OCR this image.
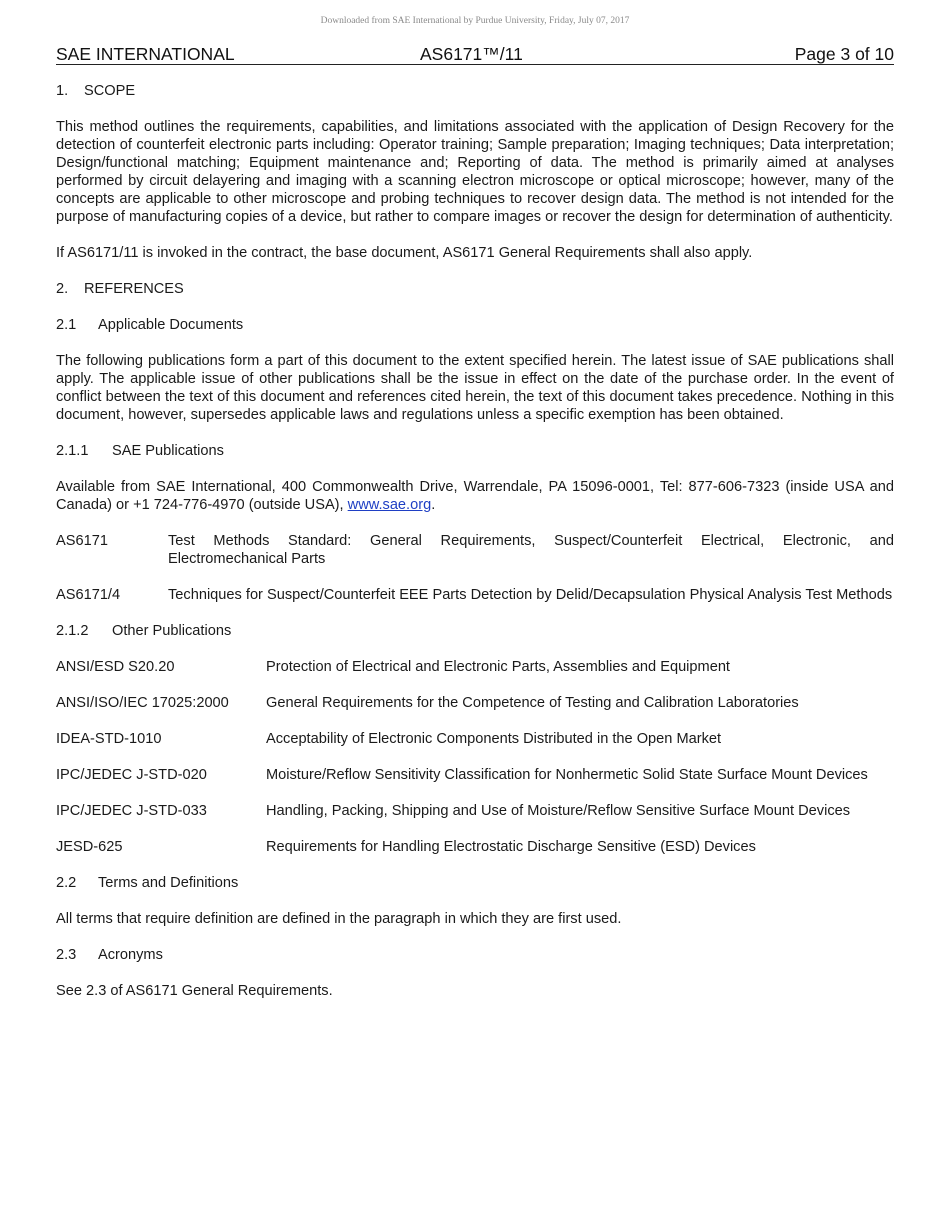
Downloaded from SAE International by Purdue University, Friday, July 07, 2017
SAE INTERNATIONAL	AS6171™/11	Page 3 of 10
1. SCOPE

This method outlines the requirements, capabilities, and limitations associated with the application of Design Recovery for the detection of counterfeit electronic parts including: Operator training; Sample preparation; Imaging techniques; Data interpretation; Design/functional matching; Equipment maintenance and; Reporting of data. The method is primarily aimed at analyses performed by circuit delayering and imaging with a scanning electron microscope or optical microscope; however, many of the concepts are applicable to other microscope and probing techniques to recover design data. The method is not intended for the purpose of manufacturing copies of a device, but rather to compare images or recover the design for determination of authenticity.

If AS6171/11 is invoked in the contract, the base document, AS6171 General Requirements shall also apply.

2. REFERENCES
2.1 Applicable Documents

The following publications form a part of this document to the extent specified herein. The latest issue of SAE publications shall apply. The applicable issue of other publications shall be the issue in effect on the date of the purchase order. In the event of conflict between the text of this document and references cited herein, the text of this document takes precedence. Nothing in this document, however, supersedes applicable laws and regulations unless a specific exemption has been obtained.

2.1.1 SAE Publications

Available from SAE International, 400 Commonwealth Drive, Warrendale, PA 15096-0001, Tel: 877-606-7323 (inside USA and Canada) or +1 724-776-4970 (outside USA), www.sae.org.

AS6171	Test Methods Standard: General Requirements, Suspect/Counterfeit Electrical, Electronic, and Electromechanical Parts
AS6171/4	Techniques for Suspect/Counterfeit EEE Parts Detection by Delid/Decapsulation Physical Analysis Test Methods
2.1.2 Other Publications
ANSI/ESD S20.20	Protection of Electrical and Electronic Parts, Assemblies and Equipment
ANSI/ISO/IEC 17025:2000	General Requirements for the Competence of Testing and Calibration Laboratories
IDEA-STD-1010	Acceptability of Electronic Components Distributed in the Open Market
IPC/JEDEC J-STD-020	Moisture/Reflow Sensitivity Classification for Nonhermetic Solid State Surface Mount Devices
IPC/JEDEC J-STD-033	Handling, Packing, Shipping and Use of Moisture/Reflow Sensitive Surface Mount Devices
JESD-625	Requirements for Handling Electrostatic Discharge Sensitive (ESD) Devices
2.2 Terms and Definitions

All terms that require definition are defined in the paragraph in which they are first used.

2.3 Acronyms

See 2.3 of AS6171 General Requirements.
